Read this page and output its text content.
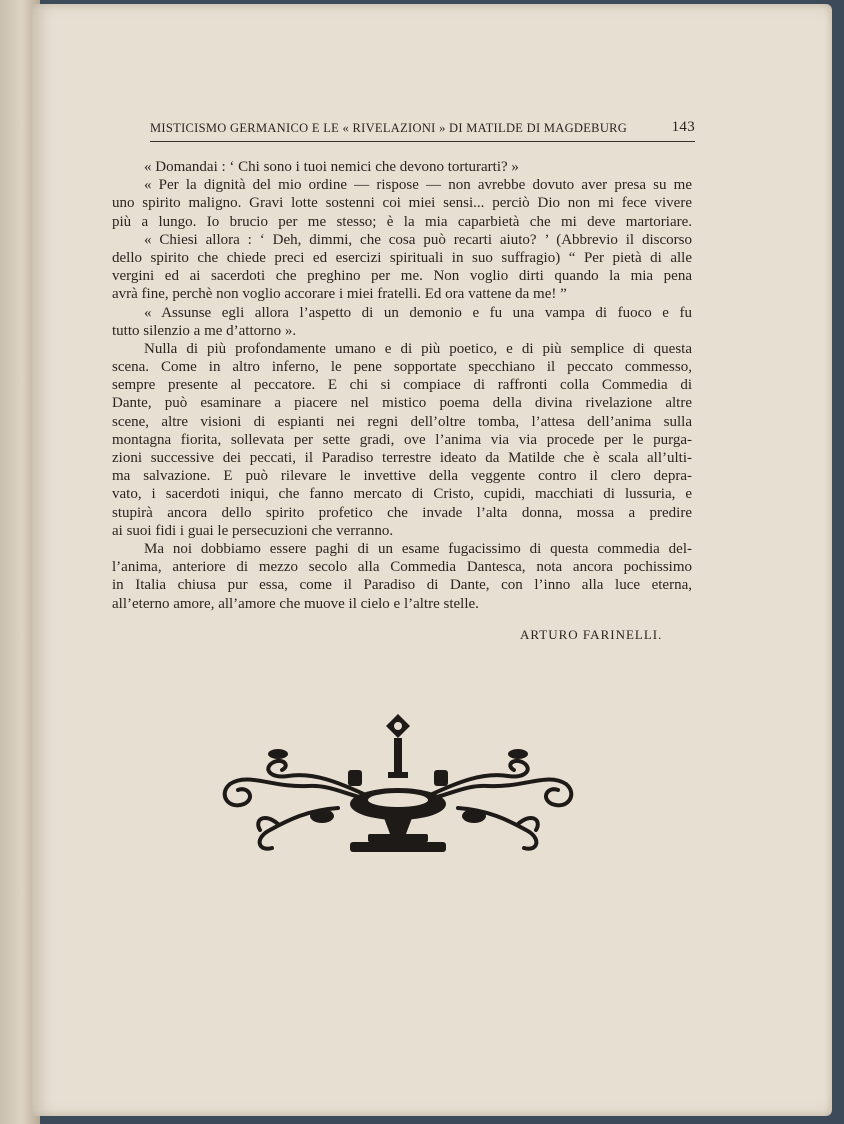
MISTICISMO GERMANICO E LE « RIVELAZIONI » DI MATILDE DI MAGDEBURG	143
« Domandai : ‘ Chi sono i tuoi nemici che devono torturarti? »
« Per la dignità del mio ordine — rispose — non avrebbe dovuto aver presa su me
uno spirito maligno. Gravi lotte sostenni coi miei sensi... perciò Dio non mi fece vivere
più a lungo. Io brucio per me stesso; è la mia caparbietà che mi deve martoriare.
« Chiesi allora : ‘ Deh, dimmi, che cosa può recarti aiuto? ’ (Abbrevio il discorso
dello spirito che chiede preci ed esercizi spirituali in suo suffragio) “ Per pietà di alle
vergini ed ai sacerdoti che preghino per me. Non voglio dirti quando la mia pena
avrà fine, perchè non voglio accorare i miei fratelli. Ed ora vattene da me! ”
« Assunse egli allora l’aspetto di un demonio e fu una vampa di fuoco e fu
tutto silenzio a me d’attorno ».
Nulla di più profondamente umano e di più poetico, e di più semplice di questa
scena. Come in altro inferno, le pene sopportate specchiano il peccato commesso,
sempre presente al peccatore. E chi si compiace di raffronti colla Commedia di
Dante, può esaminare a piacere nel mistico poema della divina rivelazione altre
scene, altre visioni di espianti nei regni dell’oltre tomba, l’attesa dell’anima sulla
montagna fiorita, sollevata per sette gradi, ove l’anima via via procede per le purga-
zioni successive dei peccati, il Paradiso terrestre ideato da Matilde che è scala all’ulti-
ma salvazione. E può rilevare le invettive della veggente contro il clero depra-
vato, i sacerdoti iniqui, che fanno mercato di Cristo, cupidi, macchiati di lussuria, e
stupirà ancora dello spirito profetico che invade l’alta donna, mossa a predire
ai suoi fidi i guai le persecuzioni che verranno.
Ma noi dobbiamo essere paghi di un esame fugacissimo di questa commedia del-
l’anima, anteriore di mezzo secolo alla Commedia Dantesca, nota ancora pochissimo
in Italia chiusa pur essa, come il Paradiso di Dante, con l’inno alla luce eterna,
all’eterno amore, all’amore che muove il cielo e l’altre stelle.
ARTURO FARINELLI.
